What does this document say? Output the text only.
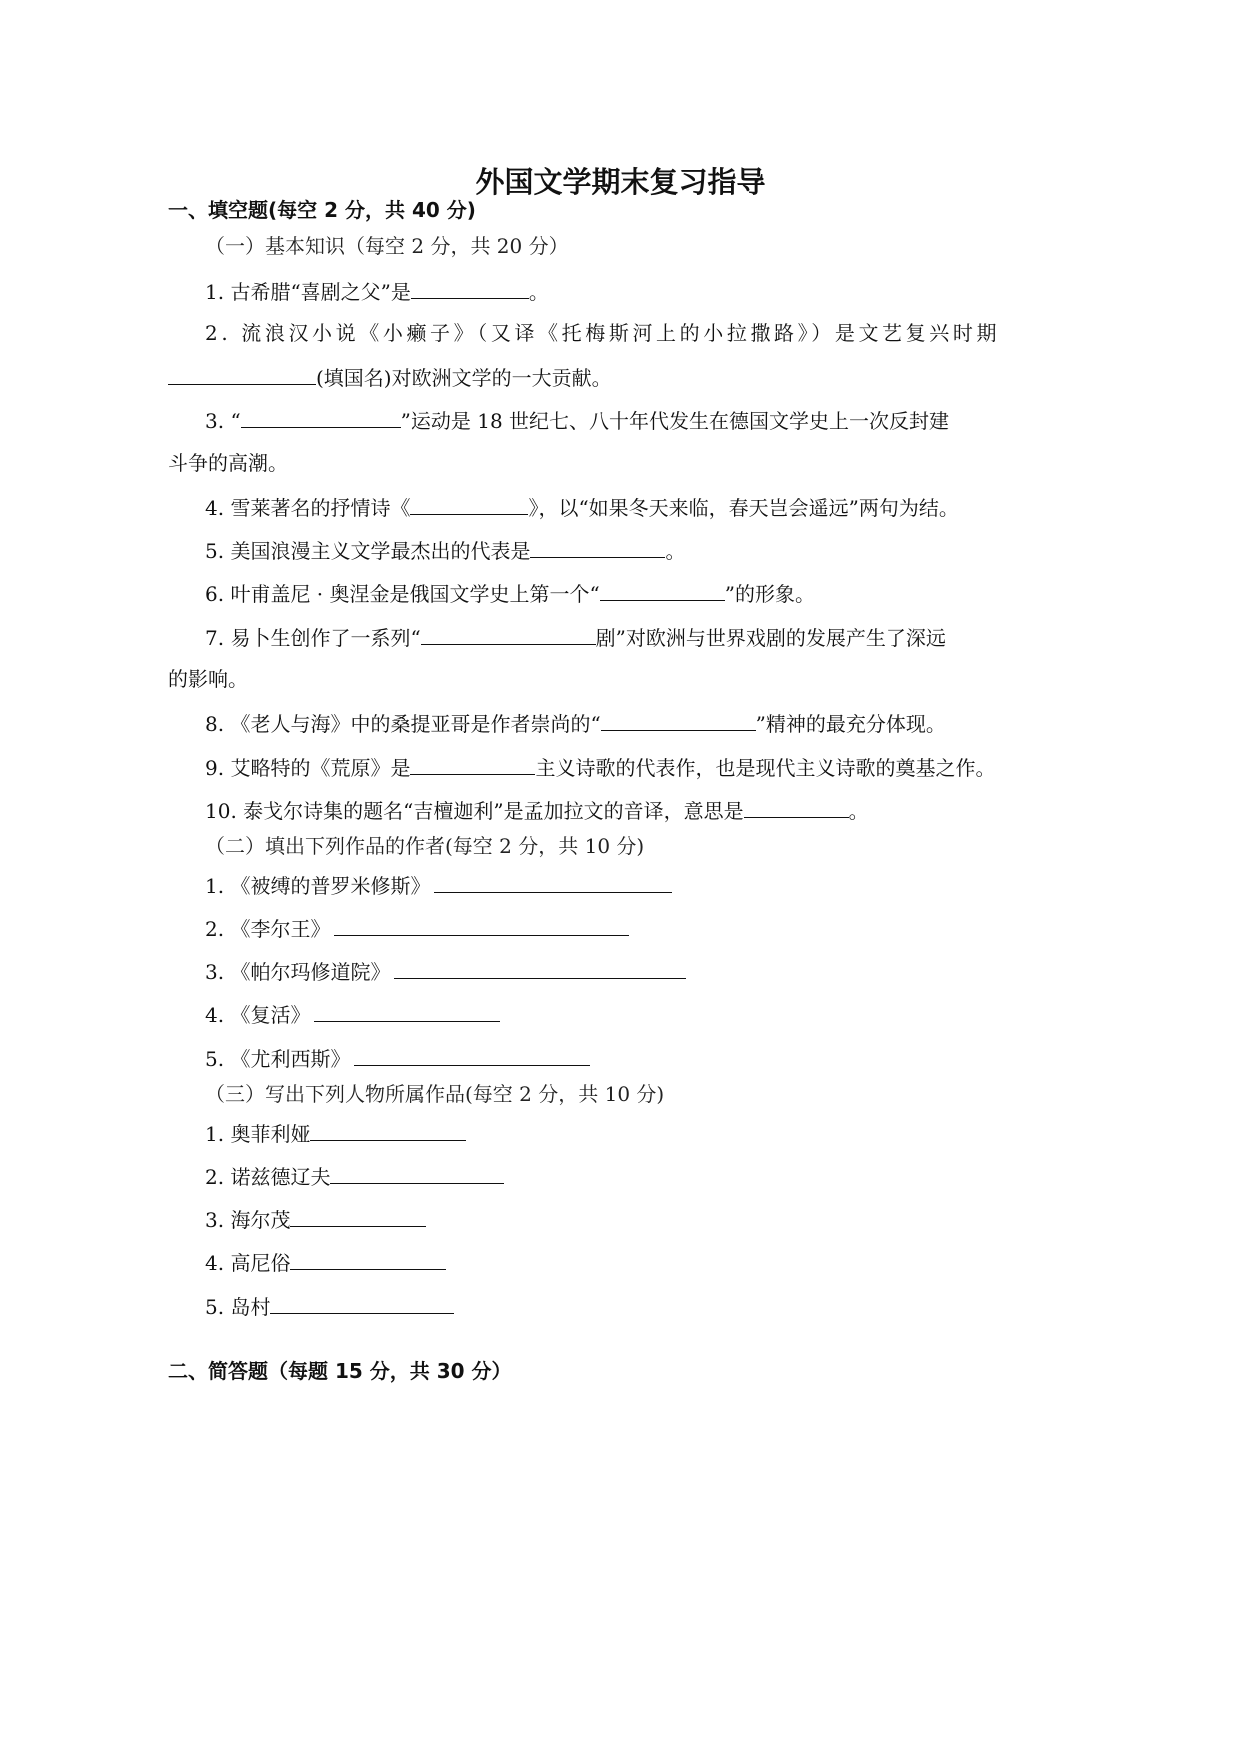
外国文学期末复习指导
一、填空题(每空 2 分，共 40 分)
（一）基本知识（每空 2 分，共 20 分）
1. 古希腊“喜剧之父”是	。
2. 流浪汉小说《小癞子》（又译《托梅斯河上的小拉撒路》）是文艺复兴时期
(填国名)对欧洲文学的一大贡献。
3. “	”运动是 18 世纪七、八十年代发生在德国文学史上一次反封建
斗争的高潮。
4. 雪莱著名的抒情诗《	》，以“如果冬天来临，春天岂会遥远”两句为结。
5. 美国浪漫主义文学最杰出的代表是	。
6. 叶甫盖尼 · 奥涅金是俄国文学史上第一个“	”的形象。
7. 易卜生创作了一系列“	剧”对欧洲与世界戏剧的发展产生了深远
的影响。
8. 《老人与海》中的桑提亚哥是作者崇尚的“	”精神的最充分体现。
9. 艾略特的《荒原》是	主义诗歌的代表作，也是现代主义诗歌的奠基之作。
10. 泰戈尔诗集的题名“吉檀迦利”是孟加拉文的音译，意思是	。
（二）填出下列作品的作者(每空 2 分，共 10 分)
1. 《被缚的普罗米修斯》
2. 《李尔王》
3. 《帕尔玛修道院》
4. 《复活》
5. 《尤利西斯》
（三）写出下列人物所属作品(每空 2 分，共 10 分)
1. 奥菲利娅
2. 诺兹德辽夫
3. 海尔茂
4. 高尼俗
5. 岛村
二、简答题（每题 15 分，共 30 分）
